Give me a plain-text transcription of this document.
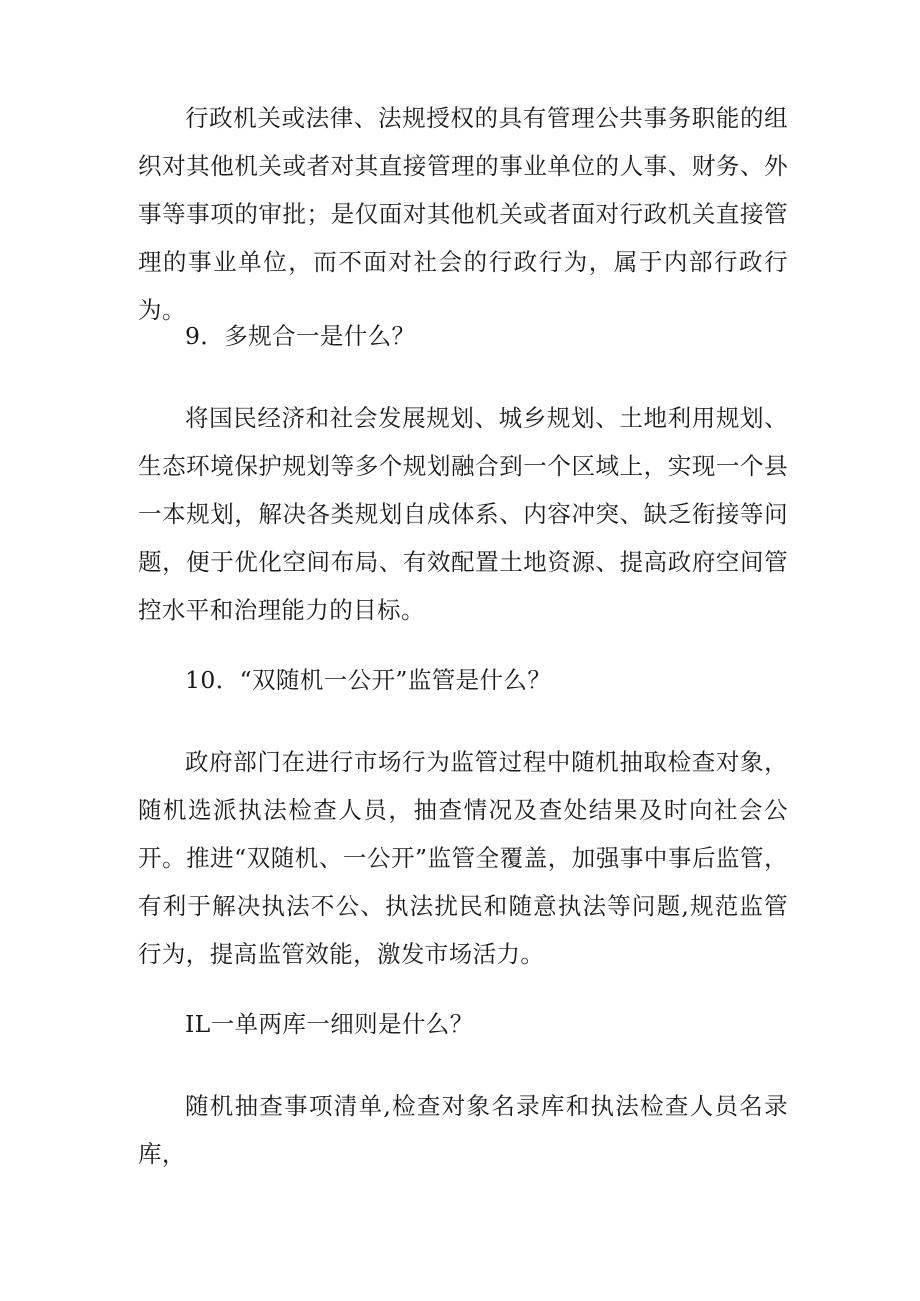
行政机关或法律、法规授权的具有管理公共事务职能的组织对其他机关或者对其直接管理的事业单位的人事、财务、外事等事项的审批；是仅面对其他机关或者面对行政机关直接管理的事业单位，而不面对社会的行政行为，属于内部行政行为。

9．多规合一是什么？

将国民经济和社会发展规划、城乡规划、土地利用规划、生态环境保护规划等多个规划融合到一个区域上，实现一个县一本规划，解决各类规划自成体系、内容冲突、缺乏衔接等问题，便于优化空间布局、有效配置土地资源、提高政府空间管控水平和治理能力的目标。

10．“双随机一公开”监管是什么？

政府部门在进行市场行为监管过程中随机抽取检查对象，随机选派执法检查人员，抽查情况及查处结果及时向社会公开。推进“双随机、一公开”监管全覆盖，加强事中事后监管，有利于解决执法不公、执法扰民和随意执法等问题,规范监管行为，提高监管效能，激发市场活力。

IL一单两库一细则是什么？

随机抽查事项清单,检查对象名录库和执法检查人员名录库，
